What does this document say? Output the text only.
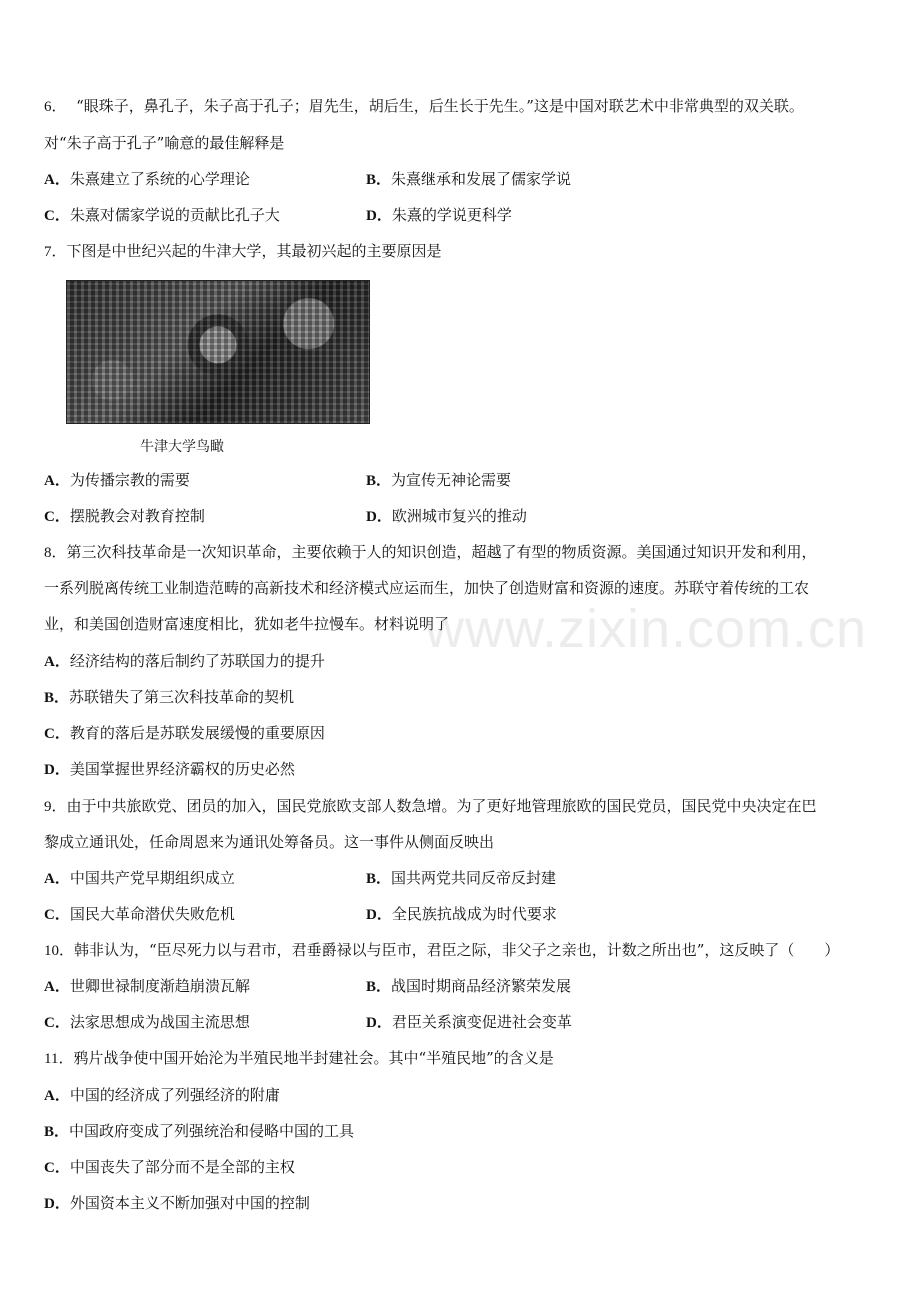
6． “眼珠子，鼻孔子，朱子高于孔子；眉先生，胡后生，后生长于先生。”这是中国对联艺术中非常典型的双关联。
对“朱子高于孔子”喻意的最佳解释是
A．朱熹建立了系统的心学理论	B．朱熹继承和发展了儒家学说
C．朱熹对儒家学说的贡献比孔子大	D．朱熹的学说更科学
7．下图是中世纪兴起的牛津大学，其最初兴起的主要原因是
牛津大学鸟瞰
A．为传播宗教的需要	B．为宣传无神论需要
C．摆脱教会对教育控制	D．欧洲城市复兴的推动
8．第三次科技革命是一次知识革命，主要依赖于人的知识创造，超越了有型的物质资源。美国通过知识开发和利用，
一系列脱离传统工业制造范畴的高新技术和经济模式应运而生，加快了创造财富和资源的速度。苏联守着传统的工农
业，和美国创造财富速度相比，犹如老牛拉慢车。材料说明了
A．经济结构的落后制约了苏联国力的提升
B．苏联错失了第三次科技革命的契机
C．教育的落后是苏联发展缓慢的重要原因
D．美国掌握世界经济霸权的历史必然
9．由于中共旅欧党、团员的加入，国民党旅欧支部人数急增。为了更好地管理旅欧的国民党员，国民党中央决定在巴
黎成立通讯处，任命周恩来为通讯处筹备员。这一事件从侧面反映出
A．中国共产党早期组织成立	B．国共两党共同反帝反封建
C．国民大革命潜伏失败危机	D．全民族抗战成为时代要求
10．韩非认为，“臣尽死力以与君市，君垂爵禄以与臣市，君臣之际，非父子之亲也，计数之所出也”，这反映了（　　）
A．世卿世禄制度渐趋崩溃瓦解	B．战国时期商品经济繁荣发展
C．法家思想成为战国主流思想	D．君臣关系演变促进社会变革
11．鸦片战争使中国开始沦为半殖民地半封建社会。其中“半殖民地”的含义是
A．中国的经济成了列强经济的附庸
B．中国政府变成了列强统治和侵略中国的工具
C．中国丧失了部分而不是全部的主权
D．外国资本主义不断加强对中国的控制
www.zixin.com.cn
